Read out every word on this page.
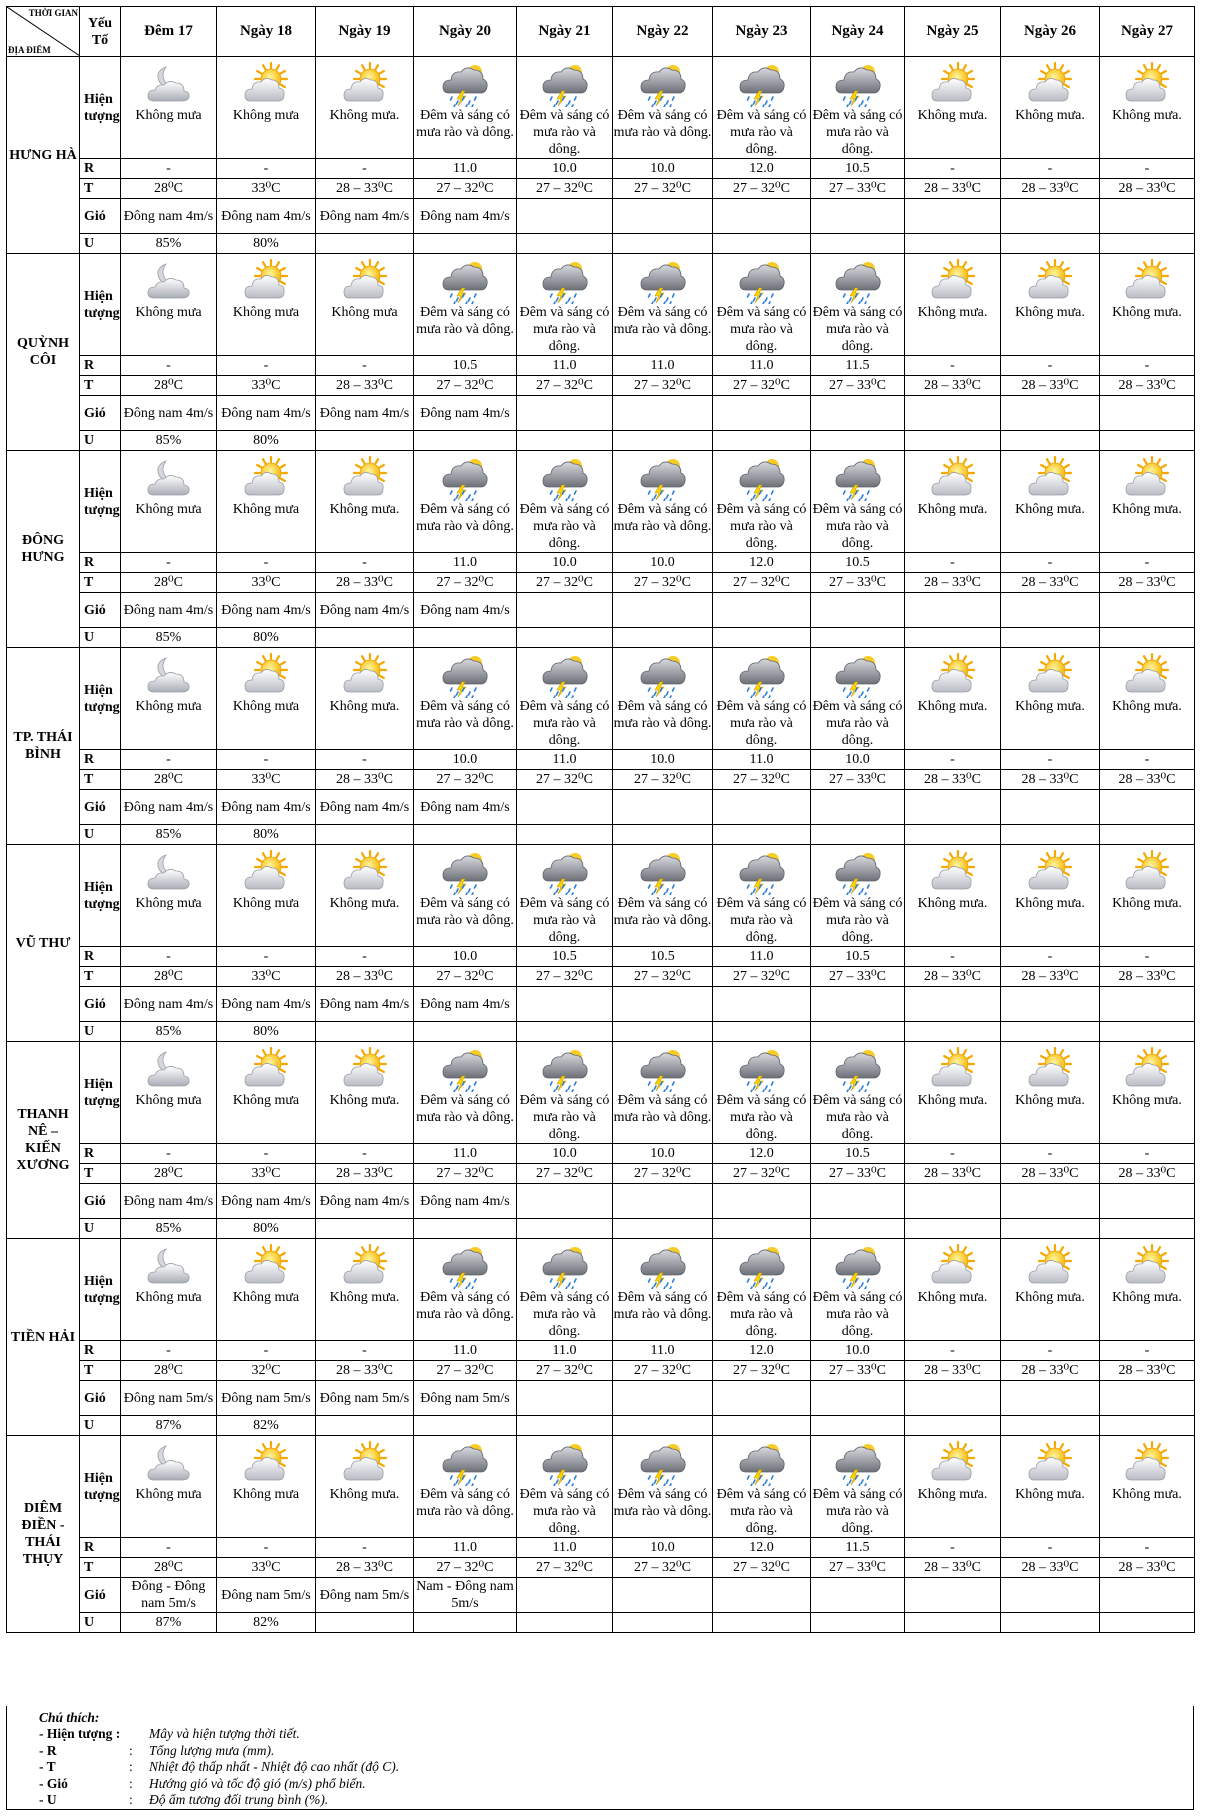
THỜI GIAN
ĐỊA ĐIỂM	Yếu Tố	Đêm 17	Ngày 18	Ngày 19	Ngày 20	Ngày 21	Ngày 22	Ngày 23	Ngày 24	Ngày 25	Ngày 26	Ngày 27
HƯNG HÀ	Hiện tượng	Không mưa	Không mưa	Không mưa.	Đêm và sáng có mưa rào và dông.	Đêm và sáng có mưa rào và dông.	Đêm và sáng có mưa rào và dông.	Đêm và sáng có mưa rào và dông.	Đêm và sáng có mưa rào và dông.	Không mưa.	Không mưa.	Không mưa.

	R	-	-	-	11.0	10.0	10.0	12.0	10.5	-	-	-
	T	28⁰C	33⁰C	28 – 33⁰C	27 – 32⁰C	27 – 32⁰C	27 – 32⁰C	27 – 32⁰C	27 – 33⁰C	28 – 33⁰C	28 – 33⁰C	28 – 33⁰C
	Gió	Đông nam 4m/s	Đông nam 4m/s	Đông nam 4m/s	Đông nam 4m/s							
	U	85%	80%									
QUỲNH CÔI	Hiện tượng	Không mưa	Không mưa	Không mưa	Đêm và sáng có mưa rào và dông.	Đêm và sáng có mưa rào và dông.	Đêm và sáng có mưa rào và dông.	Đêm và sáng có mưa rào và dông.	Đêm và sáng có mưa rào và dông.	Không mưa.	Không mưa.	Không mưa.

	R	-	-	-	10.5	11.0	11.0	11.0	11.5	-	-	-
	T	28⁰C	33⁰C	28 – 33⁰C	27 – 32⁰C	27 – 32⁰C	27 – 32⁰C	27 – 32⁰C	27 – 33⁰C	28 – 33⁰C	28 – 33⁰C	28 – 33⁰C
	Gió	Đông nam 4m/s	Đông nam 4m/s	Đông nam 4m/s	Đông nam 4m/s							
	U	85%	80%									
ĐÔNG HƯNG	Hiện tượng	Không mưa	Không mưa	Không mưa.	Đêm và sáng có mưa rào và dông.	Đêm và sáng có mưa rào và dông.	Đêm và sáng có mưa rào và dông.	Đêm và sáng có mưa rào và dông.	Đêm và sáng có mưa rào và dông.	Không mưa.	Không mưa.	Không mưa.

	R	-	-	-	11.0	10.0	10.0	12.0	10.5	-	-	-
	T	28⁰C	33⁰C	28 – 33⁰C	27 – 32⁰C	27 – 32⁰C	27 – 32⁰C	27 – 32⁰C	27 – 33⁰C	28 – 33⁰C	28 – 33⁰C	28 – 33⁰C
	Gió	Đông nam 4m/s	Đông nam 4m/s	Đông nam 4m/s	Đông nam 4m/s							
	U	85%	80%									
TP. THÁI BÌNH	Hiện tượng	Không mưa	Không mưa	Không mưa.	Đêm và sáng có mưa rào và dông.	Đêm và sáng có mưa rào và dông.	Đêm và sáng có mưa rào và dông.	Đêm và sáng có mưa rào và dông.	Đêm và sáng có mưa rào và dông.	Không mưa.	Không mưa.	Không mưa.

	R	-	-	-	10.0	11.0	10.0	11.0	10.0	-	-	-
	T	28⁰C	33⁰C	28 – 33⁰C	27 – 32⁰C	27 – 32⁰C	27 – 32⁰C	27 – 32⁰C	27 – 33⁰C	28 – 33⁰C	28 – 33⁰C	28 – 33⁰C
	Gió	Đông nam 4m/s	Đông nam 4m/s	Đông nam 4m/s	Đông nam 4m/s							
	U	85%	80%									
VŨ THƯ	Hiện tượng	Không mưa	Không mưa	Không mưa.	Đêm và sáng có mưa rào và dông.	Đêm và sáng có mưa rào và dông.	Đêm và sáng có mưa rào và dông.	Đêm và sáng có mưa rào và dông.	Đêm và sáng có mưa rào và dông.	Không mưa.	Không mưa.	Không mưa.

	R	-	-	-	10.0	10.5	10.5	11.0	10.5	-	-	-
	T	28⁰C	33⁰C	28 – 33⁰C	27 – 32⁰C	27 – 32⁰C	27 – 32⁰C	27 – 32⁰C	27 – 33⁰C	28 – 33⁰C	28 – 33⁰C	28 – 33⁰C
	Gió	Đông nam 4m/s	Đông nam 4m/s	Đông nam 4m/s	Đông nam 4m/s							
	U	85%	80%									
THANH NÊ – KIẾN XƯƠNG	Hiện tượng	Không mưa	Không mưa	Không mưa.	Đêm và sáng có mưa rào và dông.	Đêm và sáng có mưa rào và dông.	Đêm và sáng có mưa rào và dông.	Đêm và sáng có mưa rào và dông.	Đêm và sáng có mưa rào và dông.	Không mưa.	Không mưa.	Không mưa.

	R	-	-	-	11.0	10.0	10.0	12.0	10.5	-	-	-
	T	28⁰C	33⁰C	28 – 33⁰C	27 – 32⁰C	27 – 32⁰C	27 – 32⁰C	27 – 32⁰C	27 – 33⁰C	28 – 33⁰C	28 – 33⁰C	28 – 33⁰C
	Gió	Đông nam 4m/s	Đông nam 4m/s	Đông nam 4m/s	Đông nam 4m/s							
	U	85%	80%									
TIỀN HẢI	Hiện tượng	Không mưa	Không mưa	Không mưa.	Đêm và sáng có mưa rào và dông.	Đêm và sáng có mưa rào và dông.	Đêm và sáng có mưa rào và dông.	Đêm và sáng có mưa rào và dông.	Đêm và sáng có mưa rào và dông.	Không mưa.	Không mưa.	Không mưa.

	R	-	-	-	11.0	11.0	11.0	12.0	10.0	-	-	-
	T	28⁰C	32⁰C	28 – 33⁰C	27 – 32⁰C	27 – 32⁰C	27 – 32⁰C	27 – 32⁰C	27 – 33⁰C	28 – 33⁰C	28 – 33⁰C	28 – 33⁰C
	Gió	Đông nam 5m/s	Đông nam 5m/s	Đông nam 5m/s	Đông nam 5m/s							
	U	87%	82%									
DIÊM ĐIỀN - THÁI THỤY	Hiện tượng	Không mưa	Không mưa	Không mưa.	Đêm và sáng có mưa rào và dông.	Đêm và sáng có mưa rào và dông.	Đêm và sáng có mưa rào và dông.	Đêm và sáng có mưa rào và dông.	Đêm và sáng có mưa rào và dông.	Không mưa.	Không mưa.	Không mưa.

	R	-	-	-	11.0	11.0	10.0	12.0	11.5	-	-	-
	T	28⁰C	33⁰C	28 – 33⁰C	27 – 32⁰C	27 – 32⁰C	27 – 32⁰C	27 – 32⁰C	27 – 33⁰C	28 – 33⁰C	28 – 33⁰C	28 – 33⁰C
	Gió	Đông - Đông nam 5m/s	Đông nam 5m/s	Đông nam 5m/s	Nam - Đông nam 5m/s							
	U	87%	82%									
Chú thích:
- Hiện tượng : Mây và hiện tượng thời tiết.
- R	: Tổng lượng mưa (mm).
- T	: Nhiệt độ thấp nhất - Nhiệt độ cao nhất (độ C).
- Gió	: Hướng gió và tốc độ gió (m/s) phổ biến.
- U	: Độ ẩm tương đối trung bình (%).
